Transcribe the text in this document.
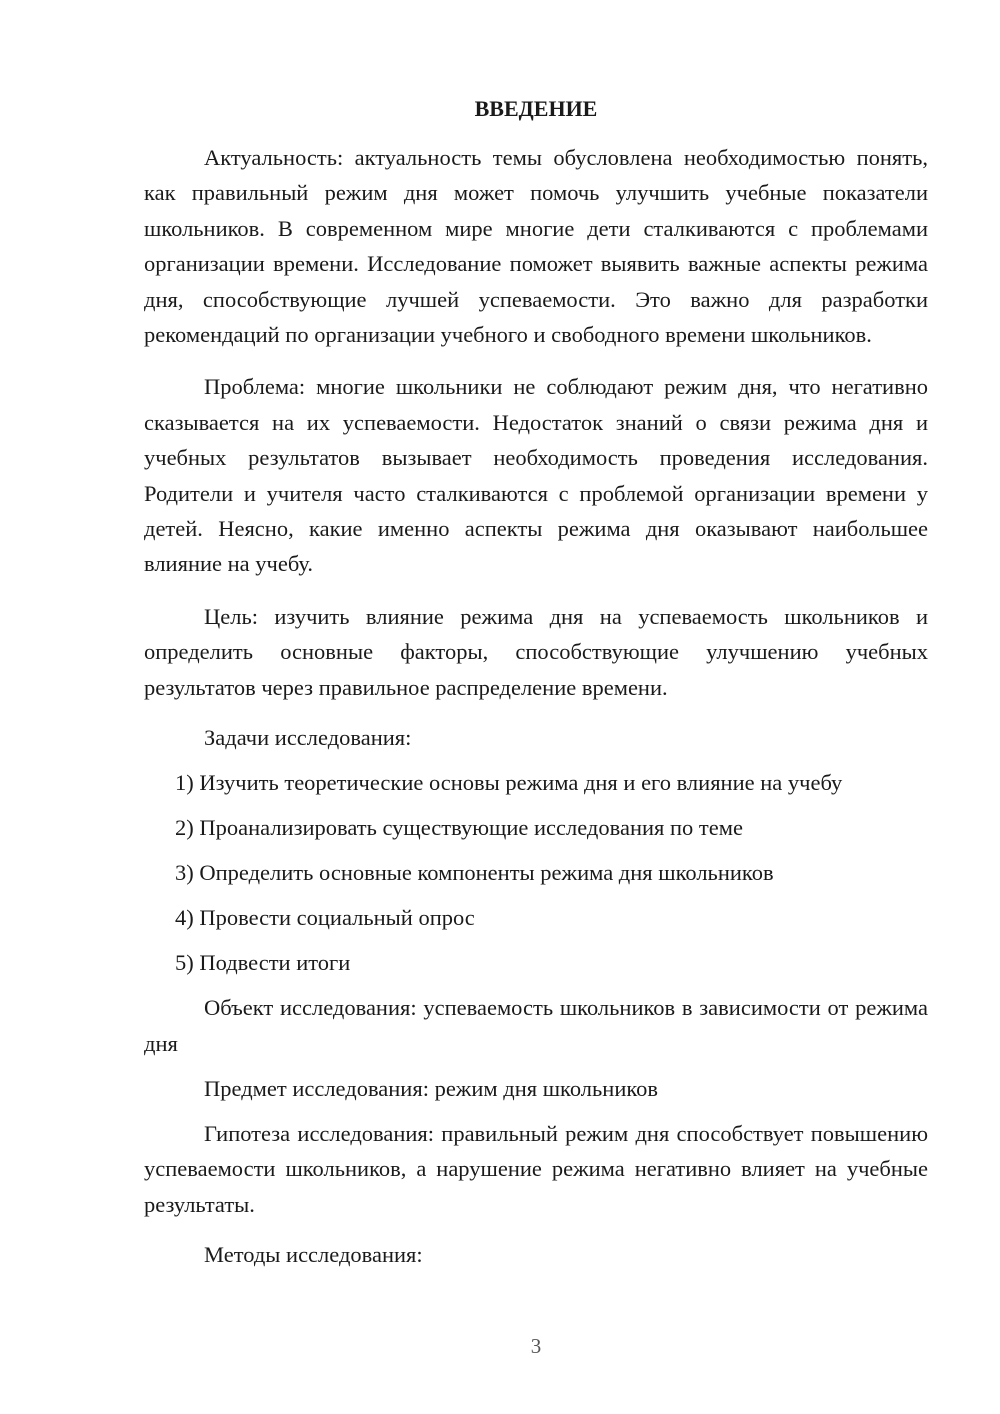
ВВЕДЕНИЕ

Актуальность: актуальность темы обусловлена необходимостью понять, как правильный режим дня может помочь улучшить учебные показатели школьников. В современном мире многие дети сталкиваются с проблемами организации времени. Исследование поможет выявить важные аспекты режима дня, способствующие лучшей успеваемости. Это важно для разработки рекомендаций по организации учебного и свободного времени школьников.

Проблема: многие школьники не соблюдают режим дня, что негативно сказывается на их успеваемости. Недостаток знаний о связи режима дня и учебных результатов вызывает необходимость проведения исследования. Родители и учителя часто сталкиваются с проблемой организации времени у детей. Неясно, какие именно аспекты режима дня оказывают наибольшее влияние на учебу.

Цель: изучить влияние режима дня на успеваемость школьников и определить основные факторы, способствующие улучшению учебных результатов через правильное распределение времени.

Задачи исследования:

1) Изучить теоретические основы режима дня и его влияние на учебу

2) Проанализировать существующие исследования по теме

3) Определить основные компоненты режима дня школьников

4) Провести социальный опрос

5) Подвести итоги

Объект исследования: успеваемость школьников в зависимости от режима дня

Предмет исследования: режим дня школьников

Гипотеза исследования: правильный режим дня способствует повышению успеваемости школьников, а нарушение режима негативно влияет на учебные результаты.

Методы исследования:

3
